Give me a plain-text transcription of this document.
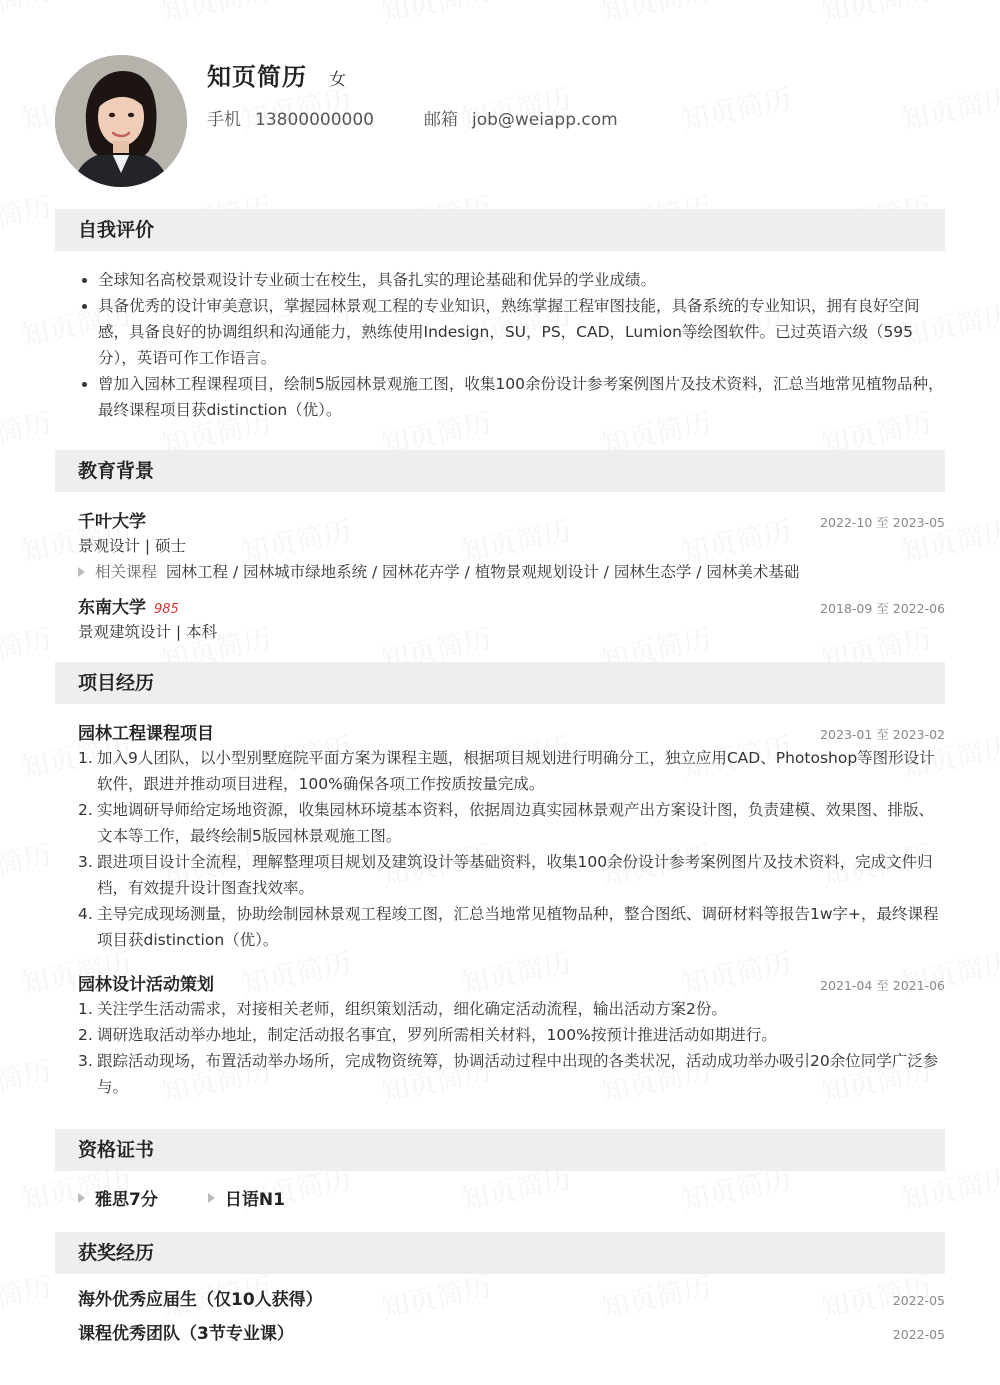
知页简历 女
手机 13800000000	邮箱 job@weiapp.com
自我评价
全球知名高校景观设计专业硕士在校生，具备扎实的理论基础和优异的学业成绩。
具备优秀的设计审美意识，掌握园林景观工程的专业知识，熟练掌握工程审图技能，具备系统的专业知识，拥有良好空间感，具备良好的协调组织和沟通能力，熟练使用Indesign，SU，PS，CAD，Lumion等绘图软件。已过英语六级（595分），英语可作工作语言。
曾加入园林工程课程项目，绘制5版园林景观施工图，收集100余份设计参考案例图片及技术资料，汇总当地常见植物品种，最终课程项目获distinction（优）。
教育背景
千叶大学	2022-10 至 2023-05
景观设计 | 硕士
相关课程 园林工程 / 园林城市绿地系统 / 园林花卉学 / 植物景观规划设计 / 园林生态学 / 园林美术基础
东南大学 985	2018-09 至 2022-06
景观建筑设计 | 本科
项目经历
园林工程课程项目	2023-01 至 2023-02
1. 加入9人团队，以小型别墅庭院平面方案为课程主题，根据项目规划进行明确分工，独立应用CAD、Photoshop等图形设计软件，跟进并推动项目进程，100%确保各项工作按质按量完成。
2. 实地调研导师给定场地资源，收集园林环境基本资料，依据周边真实园林景观产出方案设计图，负责建模、效果图、排版、文本等工作，最终绘制5版园林景观施工图。
3. 跟进项目设计全流程，理解整理项目规划及建筑设计等基础资料，收集100余份设计参考案例图片及技术资料，完成文件归档，有效提升设计图查找效率。
4. 主导完成现场测量，协助绘制园林景观工程竣工图，汇总当地常见植物品种，整合图纸、调研材料等报告1w字+，最终课程项目获distinction（优）。
园林设计活动策划	2021-04 至 2021-06
1. 关注学生活动需求，对接相关老师，组织策划活动，细化确定活动流程，输出活动方案2份。
2. 调研选取活动举办地址，制定活动报名事宜，罗列所需相关材料，100%按预计推进活动如期进行。
3. 跟踪活动现场，布置活动举办场所，完成物资统筹，协调活动过程中出现的各类状况，活动成功举办吸引20余位同学广泛参与。
资格证书
雅思7分	日语N1
获奖经历
海外优秀应届生（仅10人获得）	2022-05
课程优秀团队（3节专业课）	2022-05
